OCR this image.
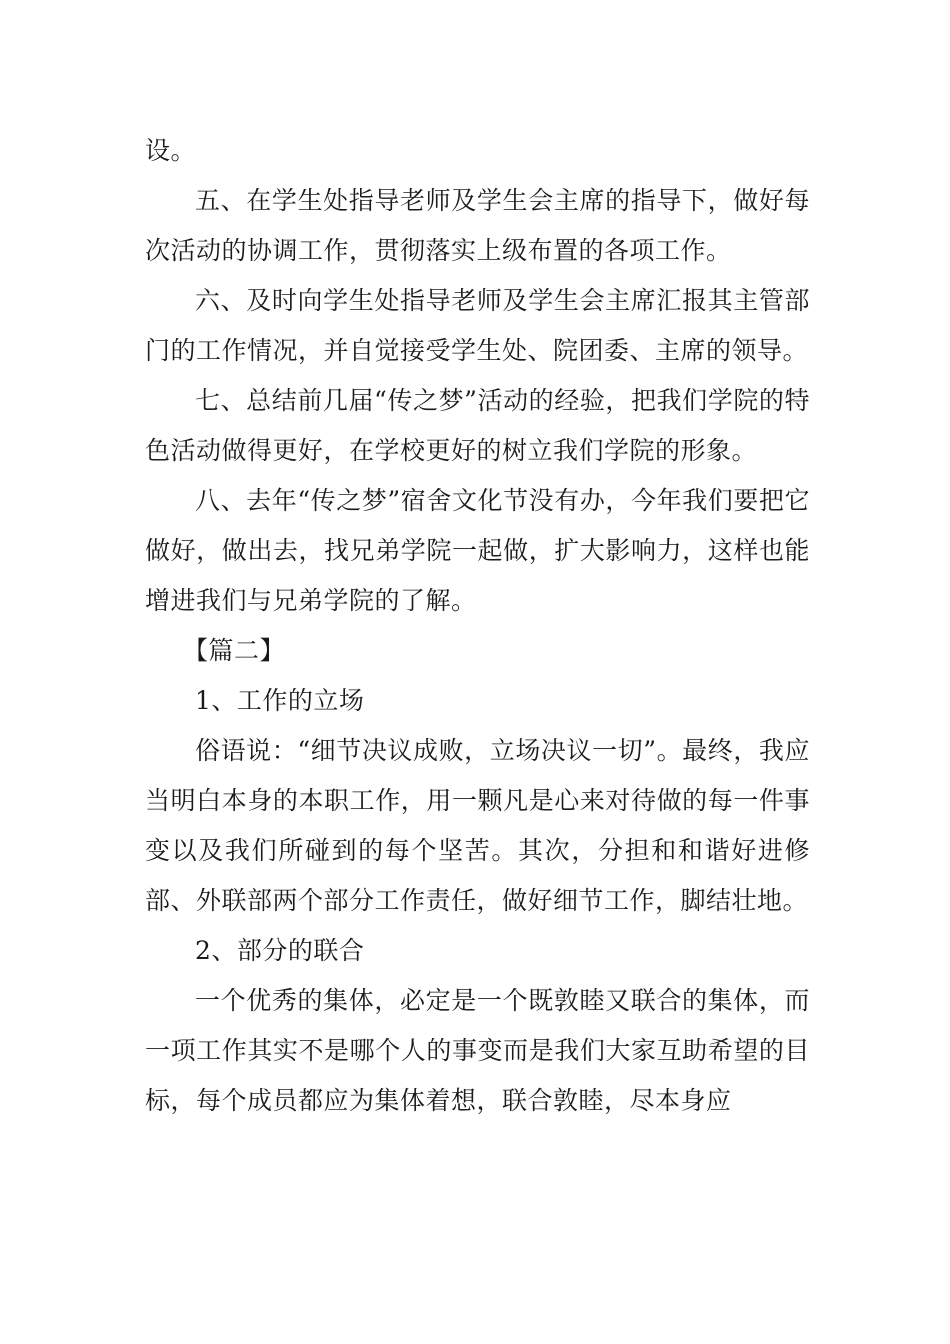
设。

五、在学生处指导老师及学生会主席的指导下，做好每次活动的协调工作，贯彻落实上级布置的各项工作。

六、及时向学生处指导老师及学生会主席汇报其主管部门的工作情况，并自觉接受学生处、院团委、主席的领导。

七、总结前几届“传之梦”活动的经验，把我们学院的特色活动做得更好，在学校更好的树立我们学院的形象。

八、去年“传之梦”宿舍文化节没有办，今年我们要把它做好，做出去，找兄弟学院一起做，扩大影响力，这样也能增进我们与兄弟学院的了解。

【篇二】

1、工作的立场

俗语说：“细节决议成败，立场决议一切”。最终，我应当明白本身的本职工作，用一颗凡是心来对待做的每一件事变以及我们所碰到的每个坚苦。其次，分担和和谐好进修部、外联部两个部分工作责任，做好细节工作，脚结壮地。

2、部分的联合

一个优秀的集体，必定是一个既敦睦又联合的集体，而一项工作其实不是哪个人的事变而是我们大家互助希望的目标，每个成员都应为集体着想，联合敦睦，尽本身应
